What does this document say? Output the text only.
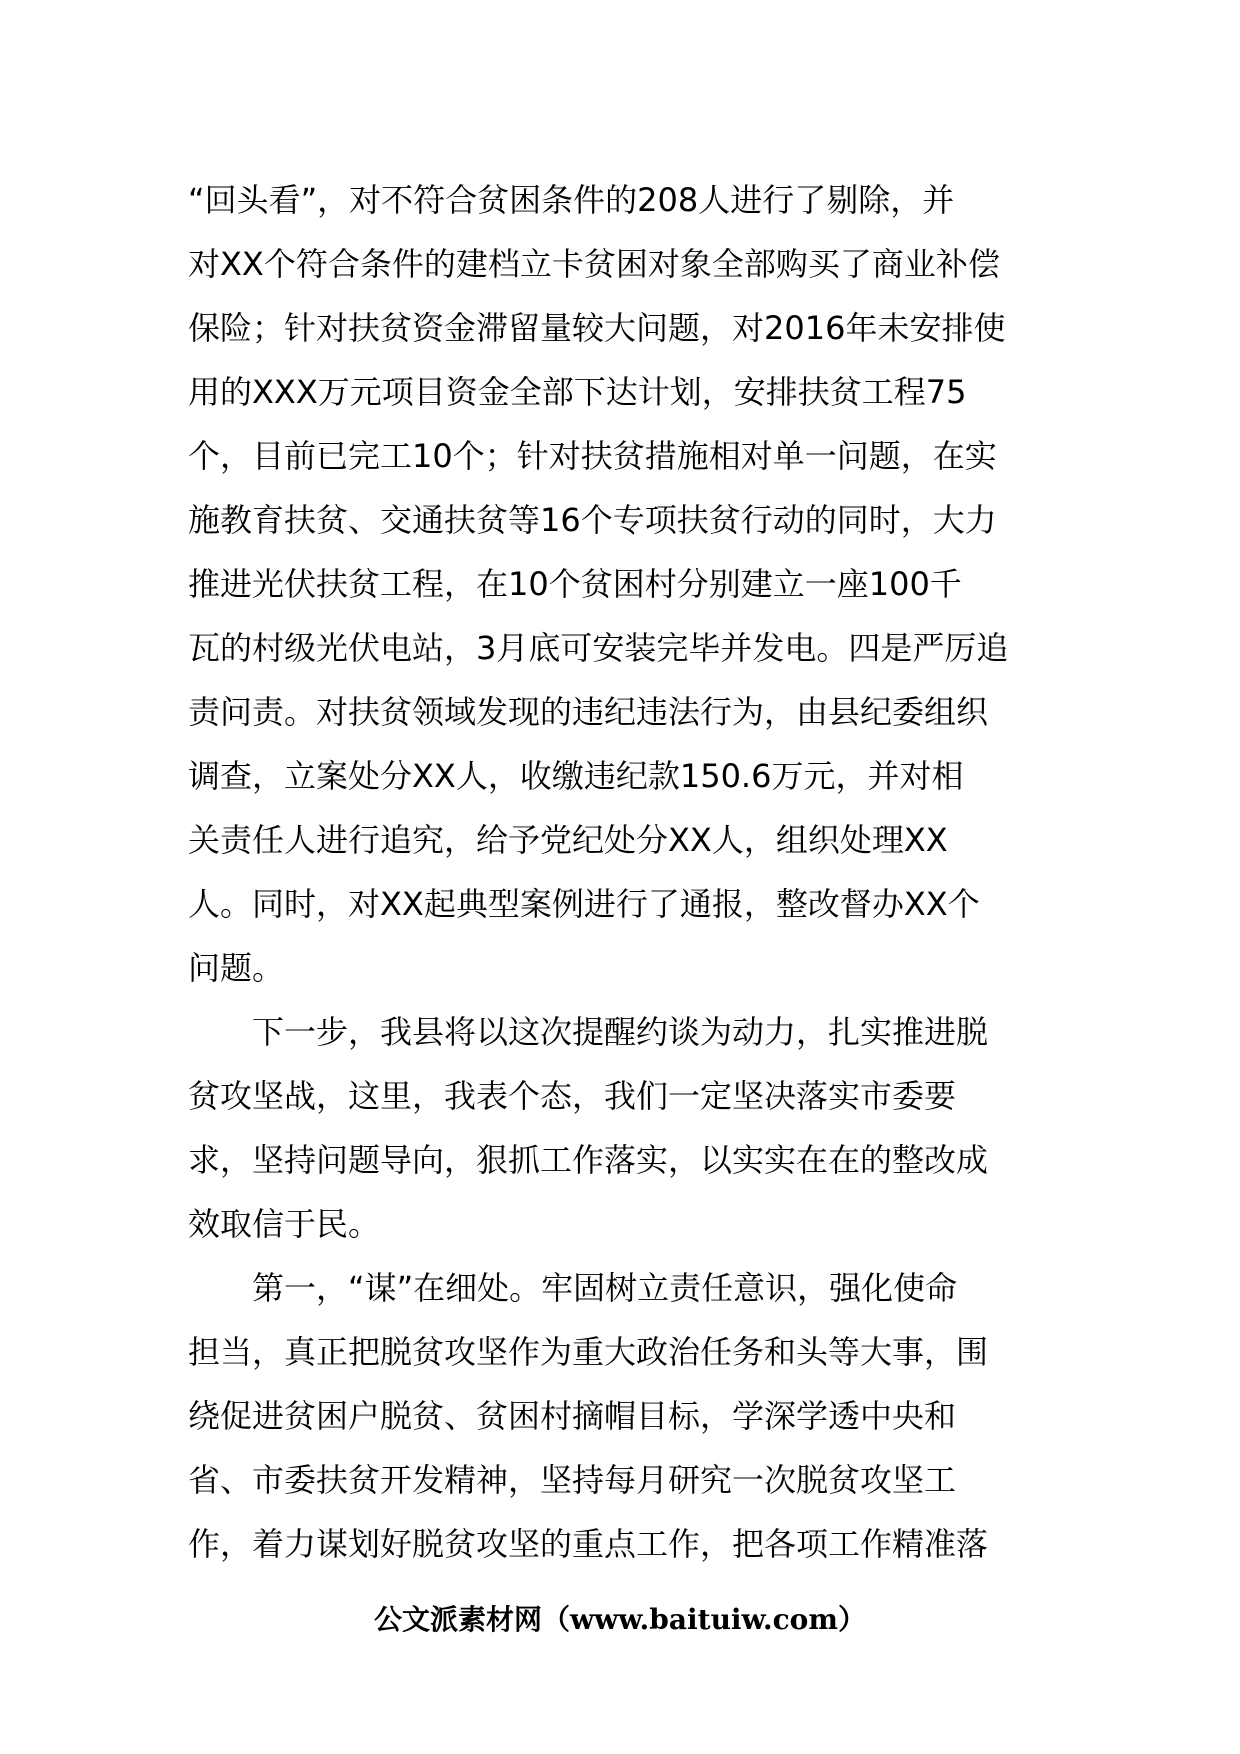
“回头看”，对不符合贫困条件的208人进行了剔除，并
对XX个符合条件的建档立卡贫困对象全部购买了商业补偿
保险；针对扶贫资金滞留量较大问题，对2016年未安排使
用的XXX万元项目资金全部下达计划，安排扶贫工程75
个，目前已完工10个；针对扶贫措施相对单一问题，在实
施教育扶贫、交通扶贫等16个专项扶贫行动的同时，大力
推进光伏扶贫工程，在10个贫困村分别建立一座100千
瓦的村级光伏电站，3月底可安装完毕并发电。四是严厉追
责问责。对扶贫领域发现的违纪违法行为，由县纪委组织
调查，立案处分XX人，收缴违纪款150.6万元，并对相
关责任人进行追究，给予党纪处分XX人，组织处理XX
人。同时，对XX起典型案例进行了通报，整改督办XX个
问题。
下一步，我县将以这次提醒约谈为动力，扎实推进脱
贫攻坚战，这里，我表个态，我们一定坚决落实市委要
求，坚持问题导向，狠抓工作落实，以实实在在的整改成
效取信于民。
第一，“谋”在细处。牢固树立责任意识，强化使命
担当，真正把脱贫攻坚作为重大政治任务和头等大事，围
绕促进贫困户脱贫、贫困村摘帽目标，学深学透中央和
省、市委扶贫开发精神，坚持每月研究一次脱贫攻坚工
作，着力谋划好脱贫攻坚的重点工作，把各项工作精准落
公文派素材网（www.baituiw.com）
